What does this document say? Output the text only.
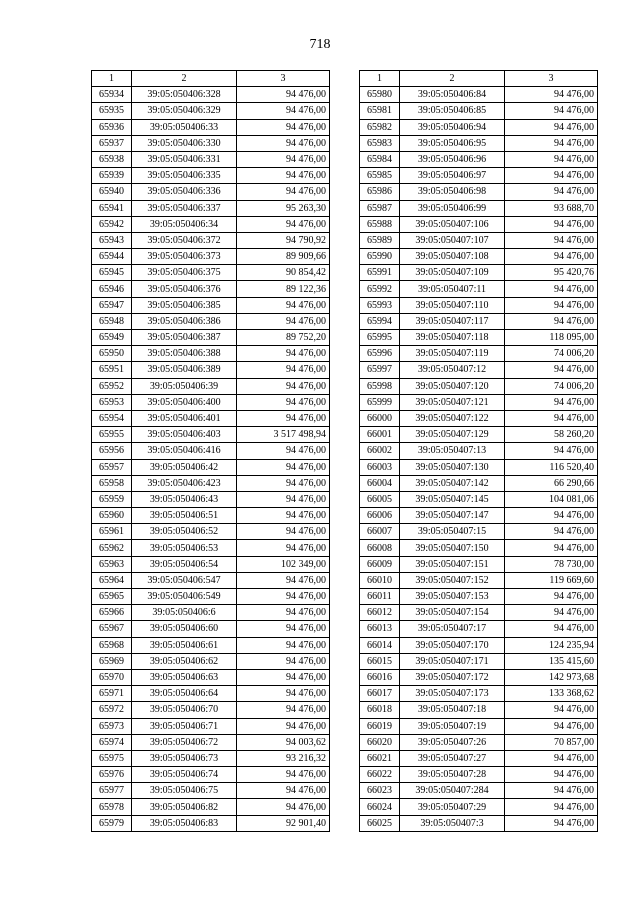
718
1	2	3
65934	39:05:050406:328	94 476,00
65935	39:05:050406:329	94 476,00
65936	39:05:050406:33	94 476,00
65937	39:05:050406:330	94 476,00
65938	39:05:050406:331	94 476,00
65939	39:05:050406:335	94 476,00
65940	39:05:050406:336	94 476,00
65941	39:05:050406:337	95 263,30
65942	39:05:050406:34	94 476,00
65943	39:05:050406:372	94 790,92
65944	39:05:050406:373	89 909,66
65945	39:05:050406:375	90 854,42
65946	39:05:050406:376	89 122,36
65947	39:05:050406:385	94 476,00
65948	39:05:050406:386	94 476,00
65949	39:05:050406:387	89 752,20
65950	39:05:050406:388	94 476,00
65951	39:05:050406:389	94 476,00
65952	39:05:050406:39	94 476,00
65953	39:05:050406:400	94 476,00
65954	39:05:050406:401	94 476,00
65955	39:05:050406:403	3 517 498,94
65956	39:05:050406:416	94 476,00
65957	39:05:050406:42	94 476,00
65958	39:05:050406:423	94 476,00
65959	39:05:050406:43	94 476,00
65960	39:05:050406:51	94 476,00
65961	39:05:050406:52	94 476,00
65962	39:05:050406:53	94 476,00
65963	39:05:050406:54	102 349,00
65964	39:05:050406:547	94 476,00
65965	39:05:050406:549	94 476,00
65966	39:05:050406:6	94 476,00
65967	39:05:050406:60	94 476,00
65968	39:05:050406:61	94 476,00
65969	39:05:050406:62	94 476,00
65970	39:05:050406:63	94 476,00
65971	39:05:050406:64	94 476,00
65972	39:05:050406:70	94 476,00
65973	39:05:050406:71	94 476,00
65974	39:05:050406:72	94 003,62
65975	39:05:050406:73	93 216,32
65976	39:05:050406:74	94 476,00
65977	39:05:050406:75	94 476,00
65978	39:05:050406:82	94 476,00
65979	39:05:050406:83	92 901,40
1	2	3
65980	39:05:050406:84	94 476,00
65981	39:05:050406:85	94 476,00
65982	39:05:050406:94	94 476,00
65983	39:05:050406:95	94 476,00
65984	39:05:050406:96	94 476,00
65985	39:05:050406:97	94 476,00
65986	39:05:050406:98	94 476,00
65987	39:05:050406:99	93 688,70
65988	39:05:050407:106	94 476,00
65989	39:05:050407:107	94 476,00
65990	39:05:050407:108	94 476,00
65991	39:05:050407:109	95 420,76
65992	39:05:050407:11	94 476,00
65993	39:05:050407:110	94 476,00
65994	39:05:050407:117	94 476,00
65995	39:05:050407:118	118 095,00
65996	39:05:050407:119	74 006,20
65997	39:05:050407:12	94 476,00
65998	39:05:050407:120	74 006,20
65999	39:05:050407:121	94 476,00
66000	39:05:050407:122	94 476,00
66001	39:05:050407:129	58 260,20
66002	39:05:050407:13	94 476,00
66003	39:05:050407:130	116 520,40
66004	39:05:050407:142	66 290,66
66005	39:05:050407:145	104 081,06
66006	39:05:050407:147	94 476,00
66007	39:05:050407:15	94 476,00
66008	39:05:050407:150	94 476,00
66009	39:05:050407:151	78 730,00
66010	39:05:050407:152	119 669,60
66011	39:05:050407:153	94 476,00
66012	39:05:050407:154	94 476,00
66013	39:05:050407:17	94 476,00
66014	39:05:050407:170	124 235,94
66015	39:05:050407:171	135 415,60
66016	39:05:050407:172	142 973,68
66017	39:05:050407:173	133 368,62
66018	39:05:050407:18	94 476,00
66019	39:05:050407:19	94 476,00
66020	39:05:050407:26	70 857,00
66021	39:05:050407:27	94 476,00
66022	39:05:050407:28	94 476,00
66023	39:05:050407:284	94 476,00
66024	39:05:050407:29	94 476,00
66025	39:05:050407:3	94 476,00
